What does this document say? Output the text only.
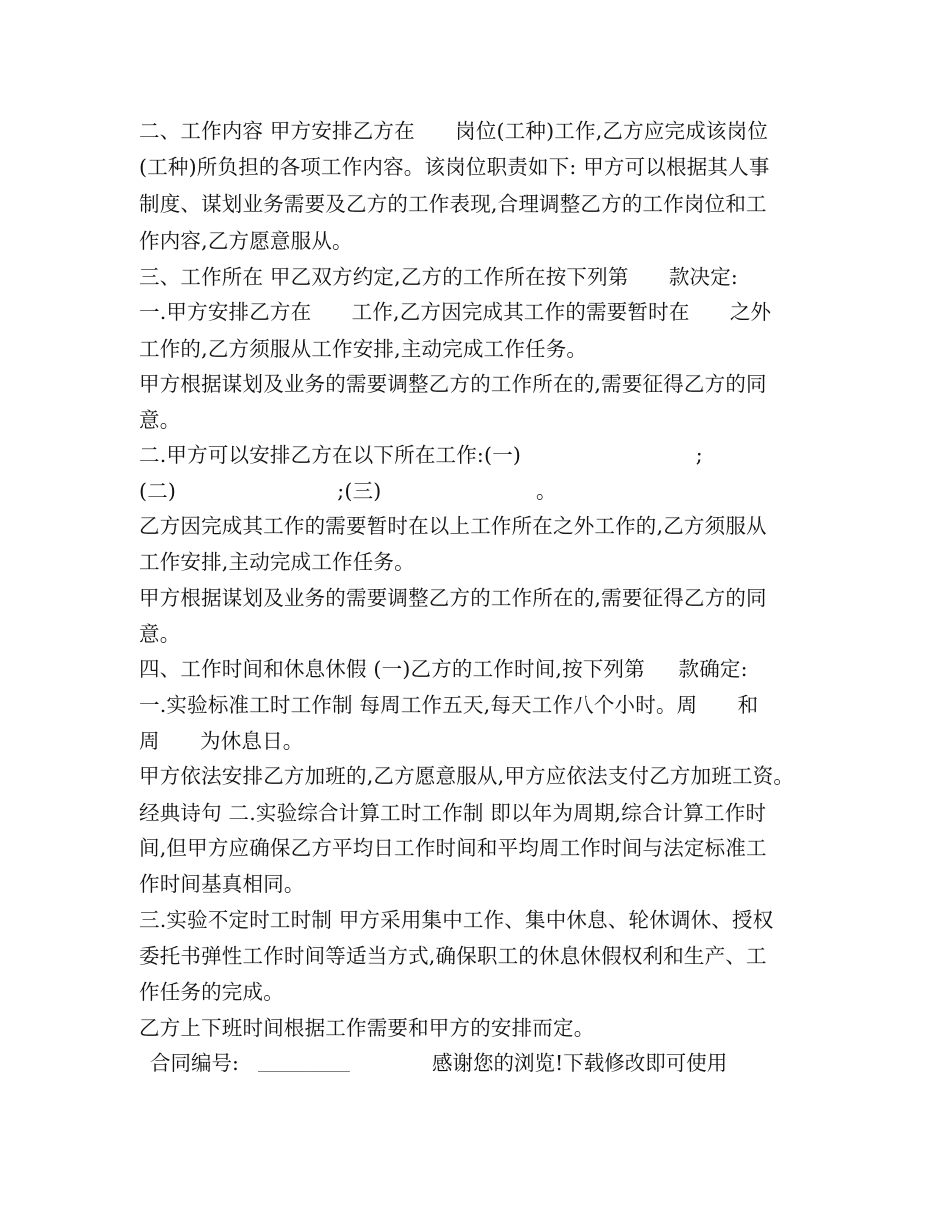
二、工作内容 甲方安排乙方在      岗位(工种)工作,乙方应完成该岗位
(工种)所负担的各项工作内容。该岗位职责如下: 甲方可以根据其人事
制度、谋划业务需要及乙方的工作表现,合理调整乙方的工作岗位和工
作内容,乙方愿意服从。
三、工作所在 甲乙双方约定,乙方的工作所在按下列第      款决定:
一.甲方安排乙方在      工作,乙方因完成其工作的需要暂时在      之外
工作的,乙方须服从工作安排,主动完成工作任务。
甲方根据谋划及业务的需要调整乙方的工作所在的,需要征得乙方的同
意。
二.甲方可以安排乙方在以下所在工作:(一)                          ;
(二)                        ;(三)                       。
乙方因完成其工作的需要暂时在以上工作所在之外工作的,乙方须服从
工作安排,主动完成工作任务。
甲方根据谋划及业务的需要调整乙方的工作所在的,需要征得乙方的同
意。
四、工作时间和休息休假 (一)乙方的工作时间,按下列第     款确定:
一.实验标准工时工作制 每周工作五天,每天工作八个小时。周      和
周      为休息日。
甲方依法安排乙方加班的,乙方愿意服从,甲方应依法支付乙方加班工资。
经典诗句 二.实验综合计算工时工作制 即以年为周期,综合计算工作时
间,但甲方应确保乙方平均日工作时间和平均周工作时间与法定标准工
作时间基真相同。
三.实验不定时工时制 甲方采用集中工作、集中休息、轮休调休、授权
委托书弹性工作时间等适当方式,确保职工的休息休假权利和生产、工
作任务的完成。
乙方上下班时间根据工作需要和甲方的安排而定。

合同编号:

__________

	感谢您的浏览!下载修改即可使用
